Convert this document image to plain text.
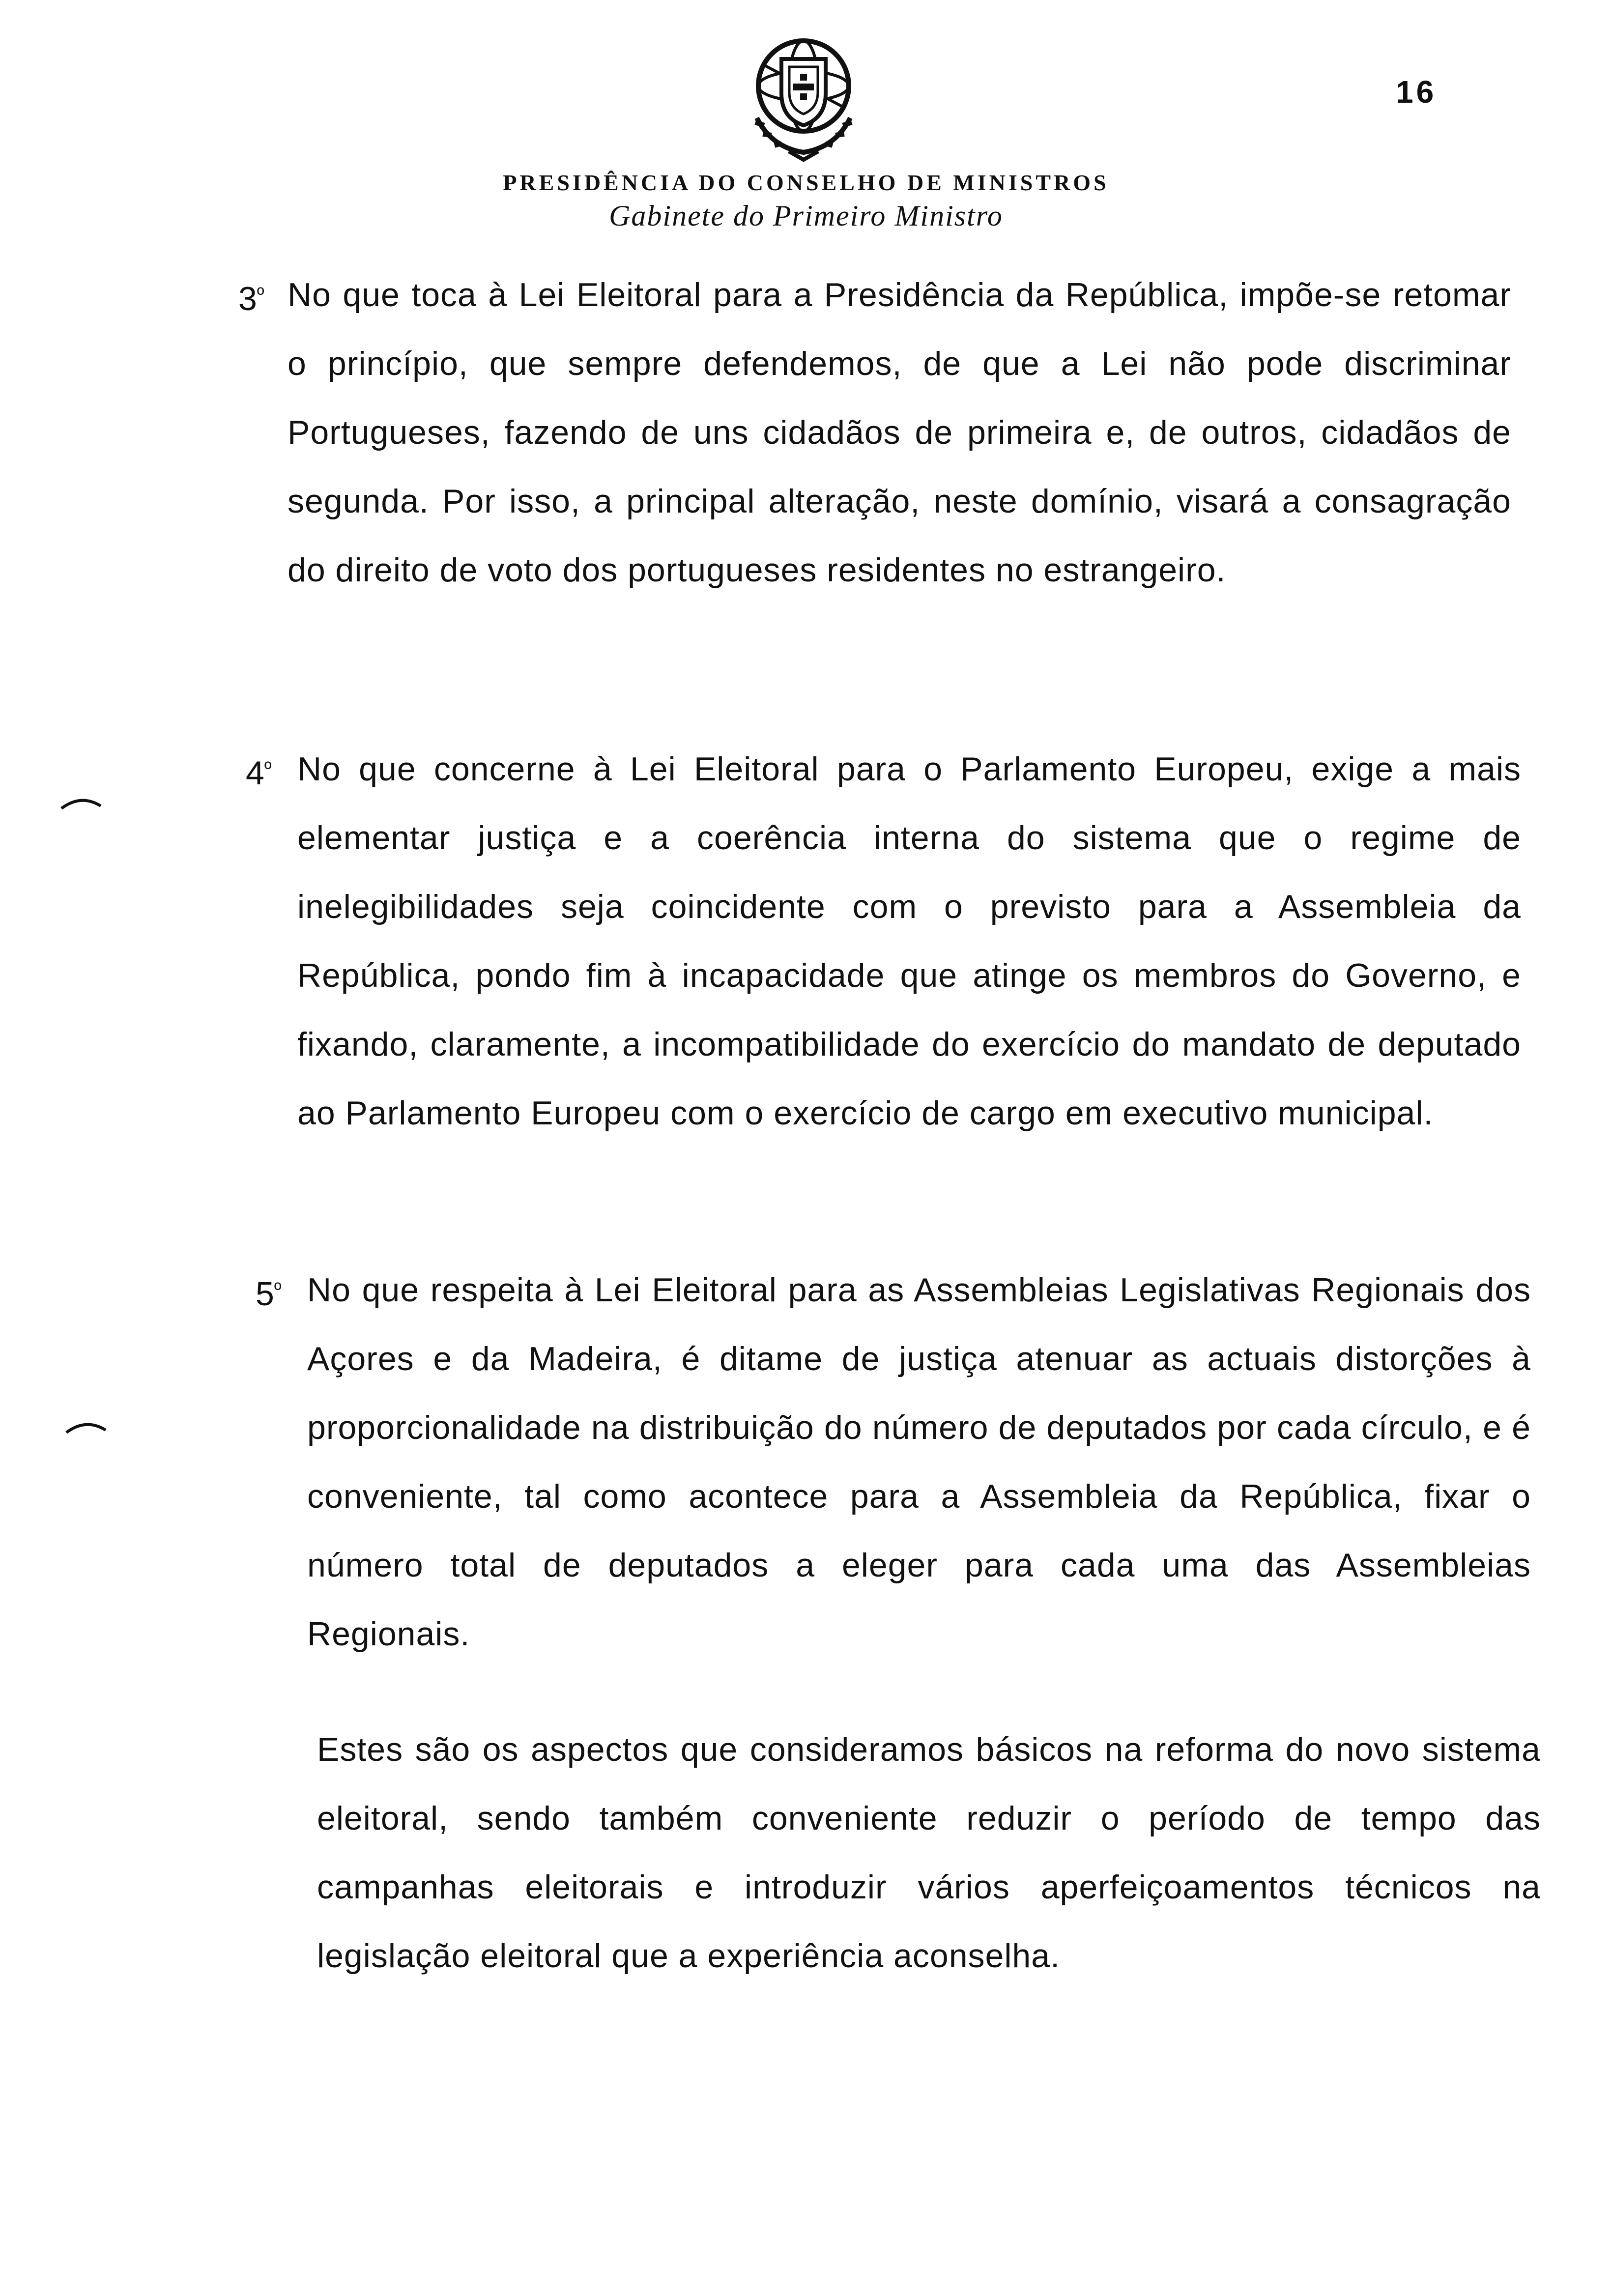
16
PRESIDÊNCIA DO CONSELHO DE MINISTROS
Gabinete do Primeiro Ministro
$3^º$ No que toca à Lei Eleitoral para a Presidência da República, impõe-se retomar o princípio, que sempre defendemos, de que a Lei não pode discriminar Portugueses, fazendo de uns cidadãos de primeira e, de outros, cidadãos de segunda. Por isso, a principal alteração, neste domínio, visará a consagração do direito de voto dos portugueses residentes no estrangeiro.
$4^º$ No que concerne à Lei Eleitoral para o Parlamento Europeu, exige a mais elementar justiça e a coerência interna do sistema que o regime de inelegibilidades seja coincidente com o previsto para a Assembleia da República, pondo fim à incapacidade que atinge os membros do Governo, e fixando, claramente, a incompatibilidade do exercício do mandato de deputado ao Parlamento Europeu com o exercício de cargo em executivo municipal.
$5^º$ No que respeita à Lei Eleitoral para as Assembleias Legislativas Regionais dos Açores e da Madeira, é ditame de justiça atenuar as actuais distorções à proporcionalidade na distribuição do número de deputados por cada círculo, e é conveniente, tal como acontece para a Assembleia da República, fixar o número total de deputados a eleger para cada uma das Assembleias Regionais.
Estes são os aspectos que consideramos básicos na reforma do novo sistema eleitoral, sendo também conveniente reduzir o período de tempo das campanhas eleitorais e introduzir vários aperfeiçoamentos técnicos na legislação eleitoral que a experiência aconselha.
